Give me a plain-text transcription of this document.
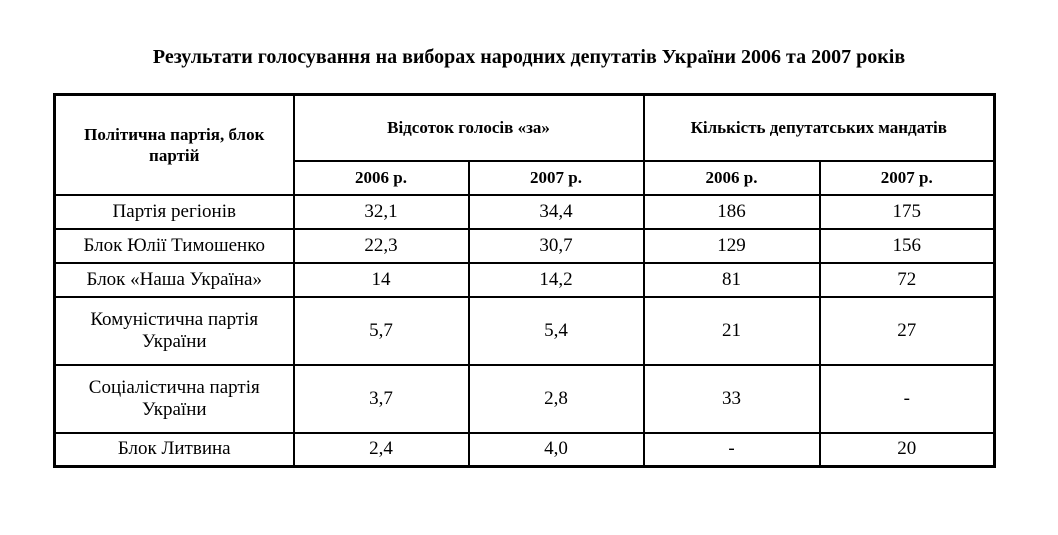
Результати голосування на виборах народних депутатів України 2006 та 2007 років
Політична партія, блок партій	Відсоток голосів «за»		Кількість депутатських мандатів	
	2006 р.	2007 р.	2006 р.	2007 р.
Партія регіонів	32,1	34,4	186	175
Блок Юлії Тимошенко	22,3	30,7	129	156
Блок «Наша Україна»	14	14,2	81	72
Комуністична партія України	5,7	5,4	21	27
Соціалістична партія України	3,7	2,8	33	-
Блок Литвина	2,4	4,0	-	20
